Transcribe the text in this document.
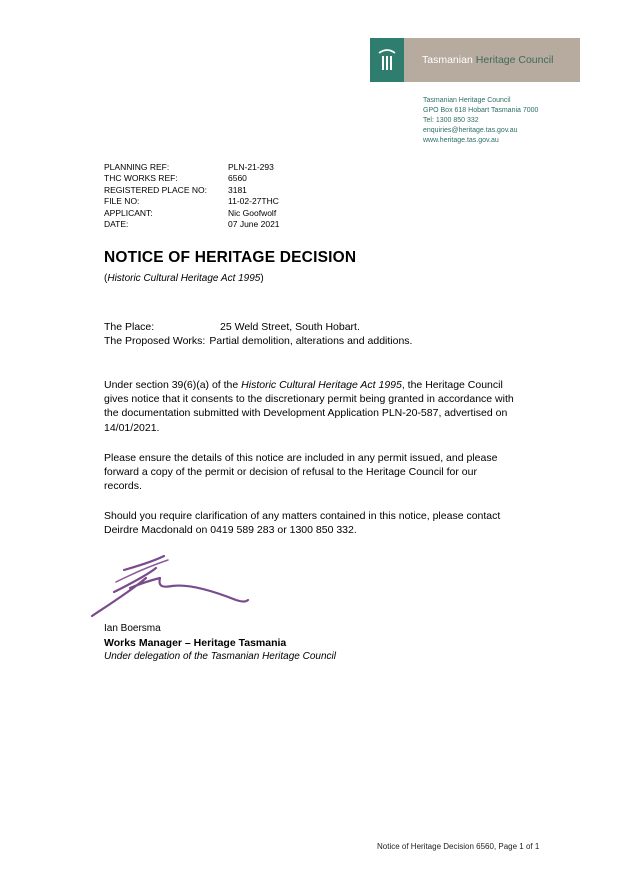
Tasmanian Heritage Council
Tasmanian Heritage Council
GPO Box 618 Hobart Tasmania 7000
Tel: 1300 850 332
enquiries@heritage.tas.gov.au
www.heritage.tas.gov.au
PLANNING REF:	PLN-21-293
THC WORKS REF:	6560
REGISTERED PLACE NO:	3181
FILE NO:	11-02-27THC
APPLICANT:	Nic Goofwolf
DATE:	07 June 2021
NOTICE OF HERITAGE DECISION
(Historic Cultural Heritage Act 1995)
The Place:	25 Weld Street, South Hobart.
The Proposed Works: Partial demolition, alterations and additions.
Under section 39(6)(a) of the Historic Cultural Heritage Act 1995, the Heritage Council
gives notice that it consents to the discretionary permit being granted in accordance with
the documentation submitted with Development Application PLN-20-587, advertised on
14/01/2021.
Please ensure the details of this notice are included in any permit issued, and please
forward a copy of the permit or decision of refusal to the Heritage Council for our
records.
Should you require clarification of any matters contained in this notice, please contact
Deirdre Macdonald on 0419 589 283 or 1300 850 332.
Ian Boersma
Works Manager – Heritage Tasmania
Under delegation of the Tasmanian Heritage Council
Notice of Heritage Decision 6560, Page 1 of 1
